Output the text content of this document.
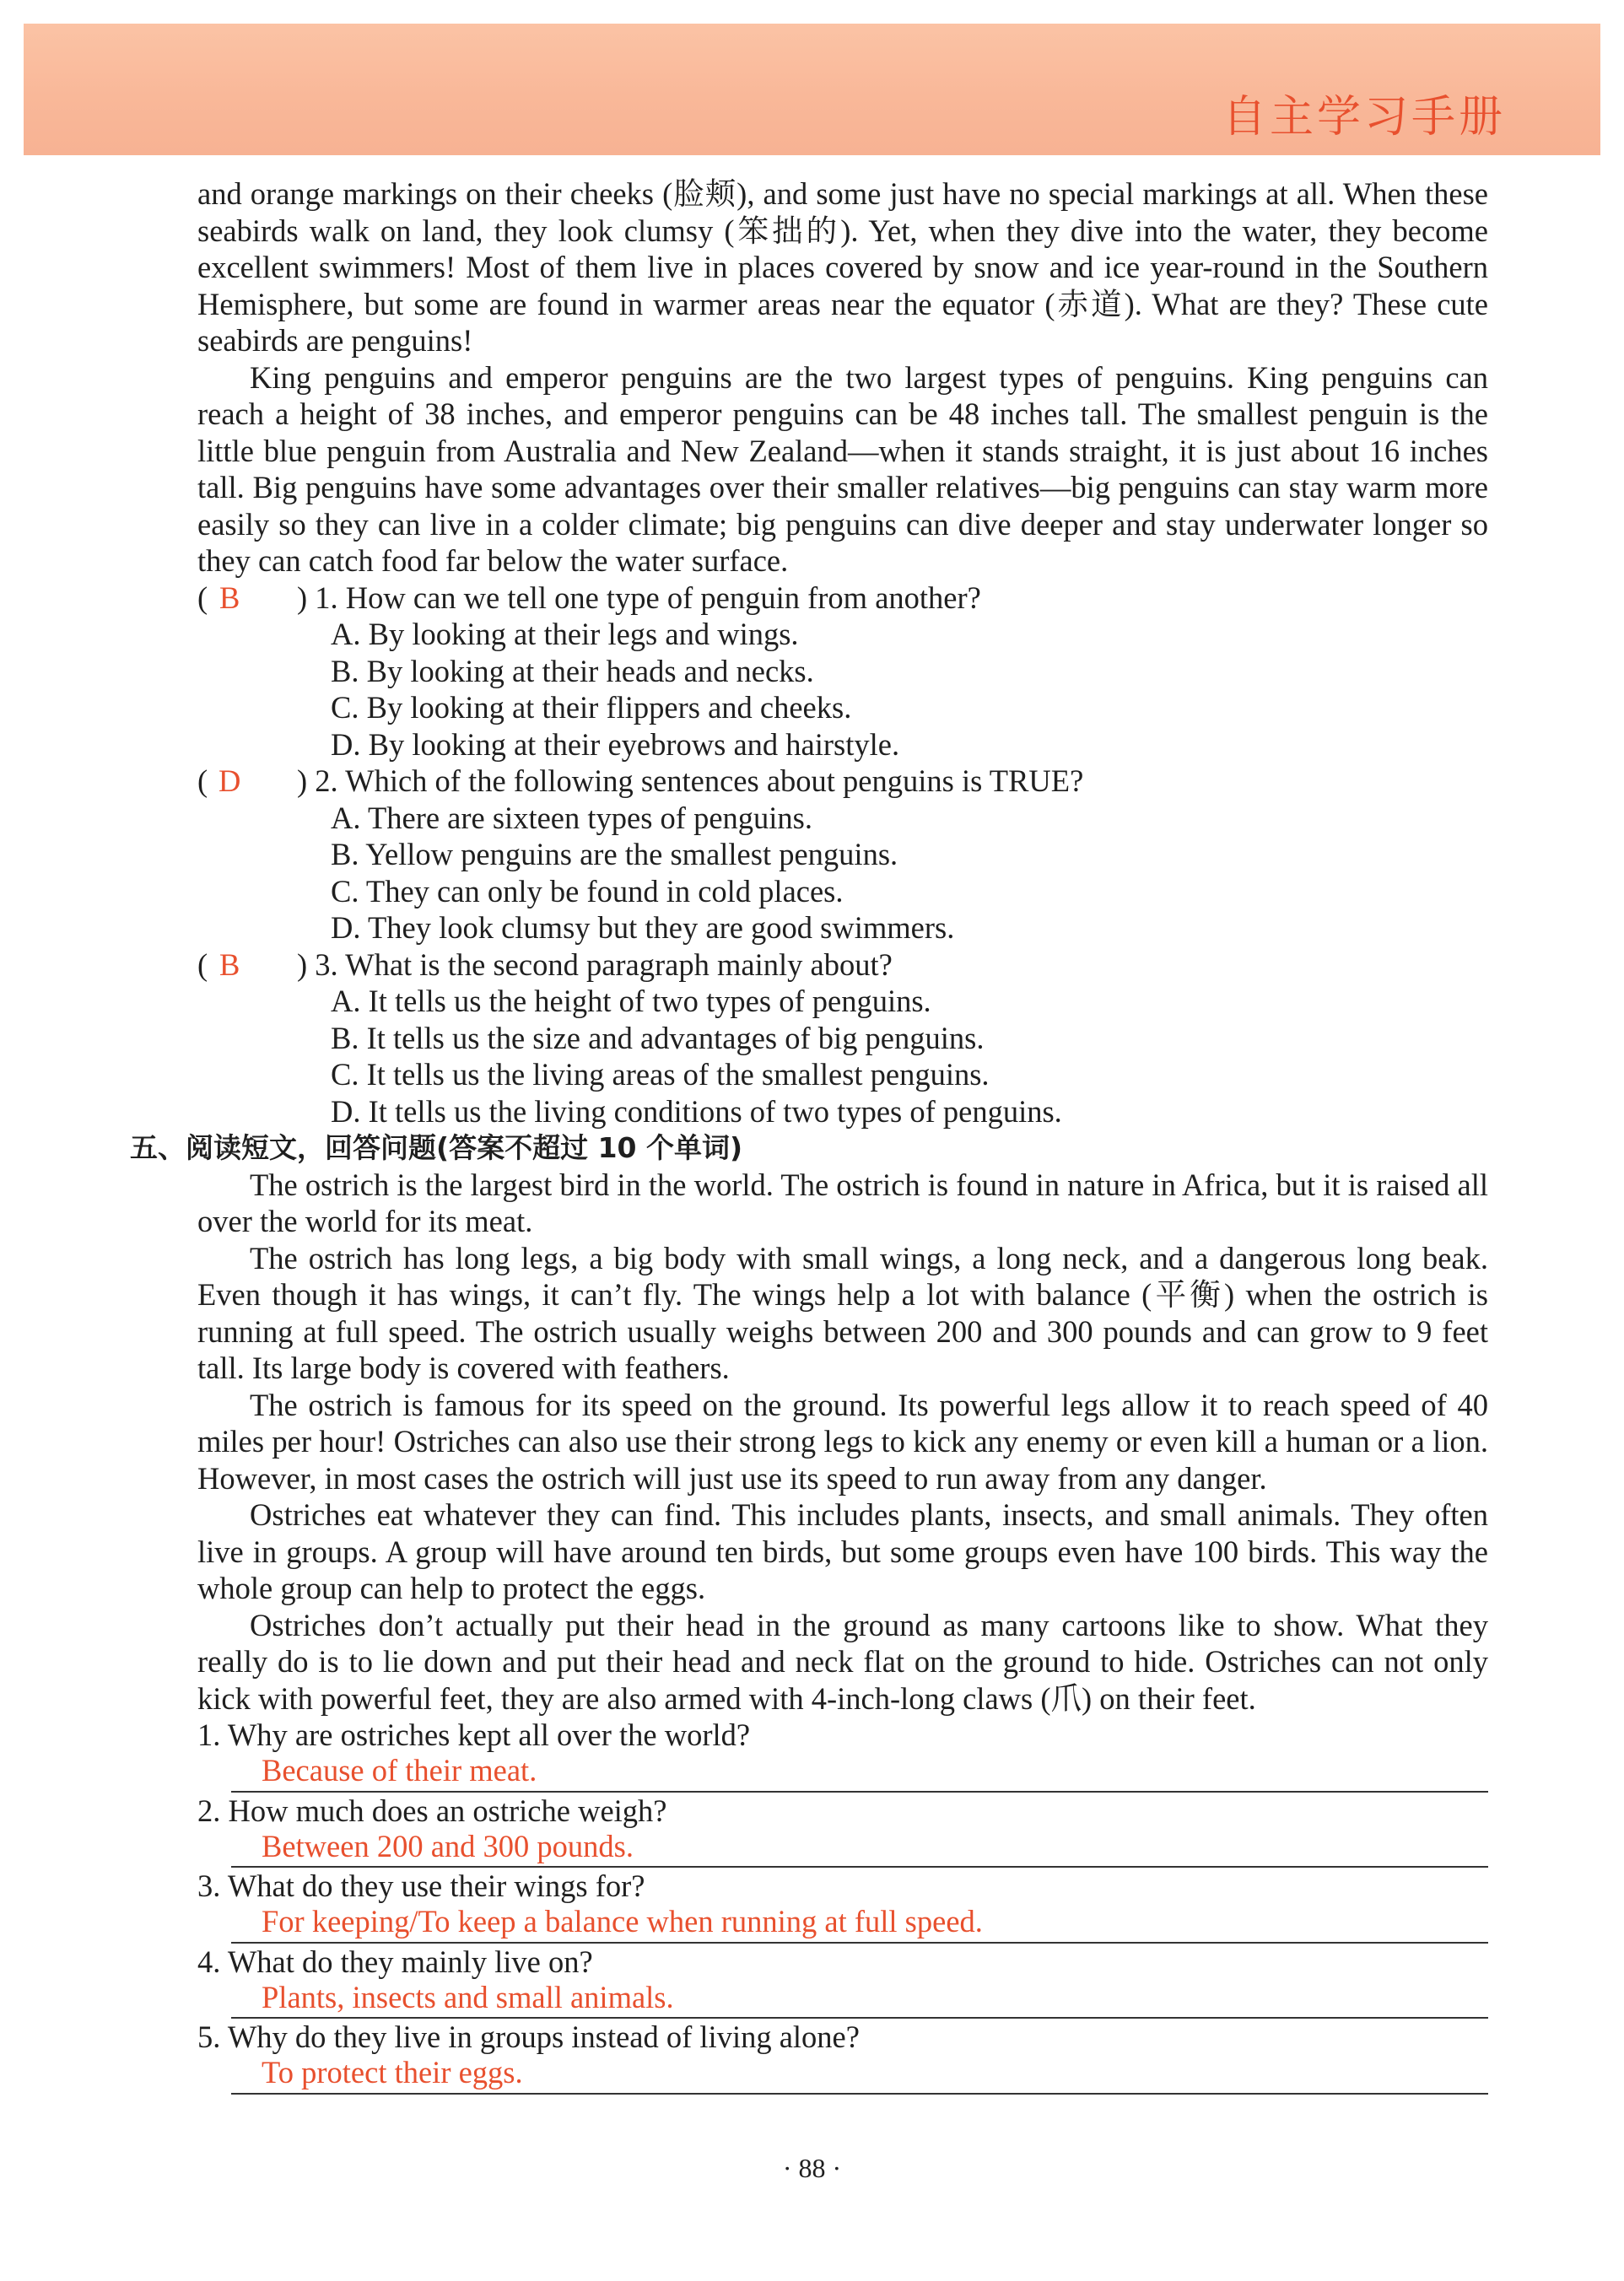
自主学习手册

and orange markings on their cheeks (脸颊), and some just have no special markings at all. When these seabirds walk on land, they look clumsy (笨拙的). Yet, when they dive into the water, they become excellent swimmers! Most of them live in places covered by snow and ice year-round in the Southern Hemisphere, but some are found in warmer areas near the equator (赤道). What are they? These cute seabirds are penguins!

King penguins and emperor penguins are the two largest types of penguins. King penguins can reach a height of 38 inches, and emperor penguins can be 48 inches tall. The smallest penguin is the little blue penguin from Australia and New Zealand—when it stands straight, it is just about 16 inches tall. Big penguins have some advantages over their smaller relatives—big penguins can stay warm more easily so they can live in a colder climate; big penguins can dive deeper and stay underwater longer so they can catch food far below the water surface.

( B ) 1. How can we tell one type of penguin from another?
A. By looking at their legs and wings.
B. By looking at their heads and necks.
C. By looking at their flippers and cheeks.
D. By looking at their eyebrows and hairstyle.
( D ) 2. Which of the following sentences about penguins is TRUE?
A. There are sixteen types of penguins.
B. Yellow penguins are the smallest penguins.
C. They can only be found in cold places.
D. They look clumsy but they are good swimmers.
( B ) 3. What is the second paragraph mainly about?
A. It tells us the height of two types of penguins.
B. It tells us the size and advantages of big penguins.
C. It tells us the living areas of the smallest penguins.
D. It tells us the living conditions of two types of penguins.
五、阅读短文，回答问题(答案不超过 10 个单词)

The ostrich is the largest bird in the world. The ostrich is found in nature in Africa, but it is raised all over the world for its meat.

The ostrich has long legs, a big body with small wings, a long neck, and a dangerous long beak. Even though it has wings, it can’t fly. The wings help a lot with balance (平衡) when the ostrich is running at full speed. The ostrich usually weighs between 200 and 300 pounds and can grow to 9 feet tall. Its large body is covered with feathers.

The ostrich is famous for its speed on the ground. Its powerful legs allow it to reach speed of 40 miles per hour! Ostriches can also use their strong legs to kick any enemy or even kill a human or a lion. However, in most cases the ostrich will just use its speed to run away from any danger.

Ostriches eat whatever they can find. This includes plants, insects, and small animals. They often live in groups. A group will have around ten birds, but some groups even have 100 birds. This way the whole group can help to protect the eggs.

Ostriches don’t actually put their head in the ground as many cartoons like to show. What they really do is to lie down and put their head and neck flat on the ground to hide. Ostriches can not only kick with powerful feet, they are also armed with 4-inch-long claws (爪) on their feet.

1. Why are ostriches kept all over the world?
Because of their meat.
2. How much does an ostriche weigh?
Between 200 and 300 pounds.
3. What do they use their wings for?
For keeping/To keep a balance when running at full speed.
4. What do they mainly live on?
Plants, insects and small animals.
5. Why do they live in groups instead of living alone?
To protect their eggs.
· 88 ·
